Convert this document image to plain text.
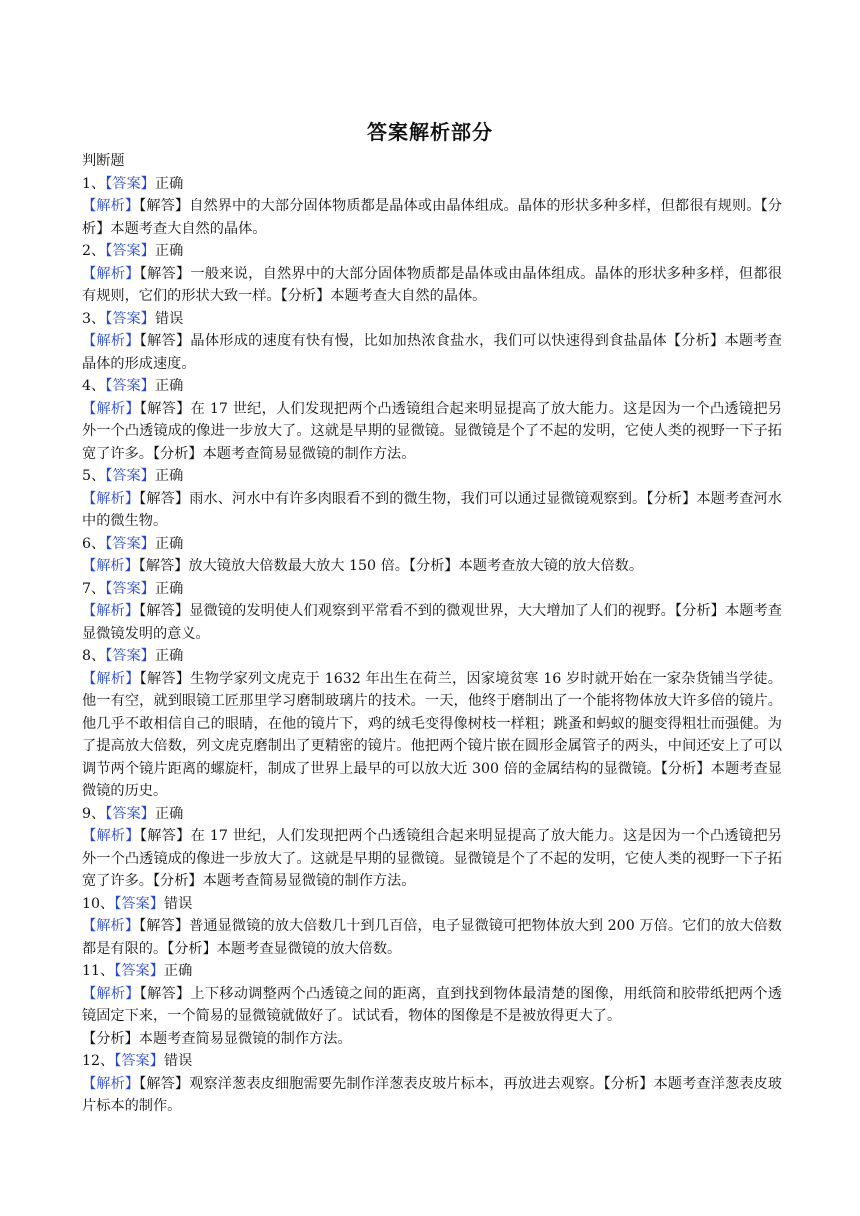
答案解析部分

判断题

1、【答案】正确

【解析】【解答】自然界中的大部分固体物质都是晶体或由晶体组成。晶体的形状多种多样，但都很有规则。【分析】本题考查大自然的晶体。

2、【答案】正确

【解析】【解答】一般来说，自然界中的大部分固体物质都是晶体或由晶体组成。晶体的形状多种多样，但都很有规则，它们的形状大致一样。【分析】本题考查大自然的晶体。

3、【答案】错误

【解析】【解答】晶体形成的速度有快有慢，比如加热浓食盐水，我们可以快速得到食盐晶体【分析】本题考查晶体的形成速度。

4、【答案】正确

【解析】【解答】在 17 世纪，人们发现把两个凸透镜组合起来明显提高了放大能力。这是因为一个凸透镜把另外一个凸透镜成的像进一步放大了。这就是早期的显微镜。显微镜是个了不起的发明，它使人类的视野一下子拓宽了许多。【分析】本题考查简易显微镜的制作方法。

5、【答案】正确

【解析】【解答】雨水、河水中有许多肉眼看不到的微生物，我们可以通过显微镜观察到。【分析】本题考查河水中的微生物。

6、【答案】正确

【解析】【解答】放大镜放大倍数最大放大 150 倍。【分析】本题考查放大镜的放大倍数。

7、【答案】正确

【解析】【解答】显微镜的发明使人们观察到平常看不到的微观世界，大大增加了人们的视野。【分析】本题考查显微镜发明的意义。

8、【答案】正确

【解析】【解答】生物学家列文虎克于 1632 年出生在荷兰，因家境贫寒 16 岁时就开始在一家杂货铺当学徒。他一有空，就到眼镜工匠那里学习磨制玻璃片的技术。一天，他终于磨制出了一个能将物体放大许多倍的镜片。他几乎不敢相信自己的眼睛，在他的镜片下，鸡的绒毛变得像树枝一样粗；跳蚤和蚂蚁的腿变得粗壮而强健。为了提高放大倍数，列文虎克磨制出了更精密的镜片。他把两个镜片嵌在圆形金属管子的两头，中间还安上了可以调节两个镜片距离的螺旋杆，制成了世界上最早的可以放大近 300 倍的金属结构的显微镜。【分析】本题考查显微镜的历史。

9、【答案】正确

【解析】【解答】在 17 世纪，人们发现把两个凸透镜组合起来明显提高了放大能力。这是因为一个凸透镜把另外一个凸透镜成的像进一步放大了。这就是早期的显微镜。显微镜是个了不起的发明，它使人类的视野一下子拓宽了许多。【分析】本题考查简易显微镜的制作方法。

10、【答案】错误

【解析】【解答】普通显微镜的放大倍数几十到几百倍，电子显微镜可把物体放大到 200 万倍。它们的放大倍数都是有限的。【分析】本题考查显微镜的放大倍数。

11、【答案】正确

【解析】【解答】上下移动调整两个凸透镜之间的距离，直到找到物体最清楚的图像，用纸筒和胶带纸把两个透镜固定下来，一个简易的显微镜就做好了。试试看，物体的图像是不是被放得更大了。

【分析】本题考查简易显微镜的制作方法。

12、【答案】错误

【解析】【解答】观察洋葱表皮细胞需要先制作洋葱表皮玻片标本，再放进去观察。【分析】本题考查洋葱表皮玻片标本的制作。
